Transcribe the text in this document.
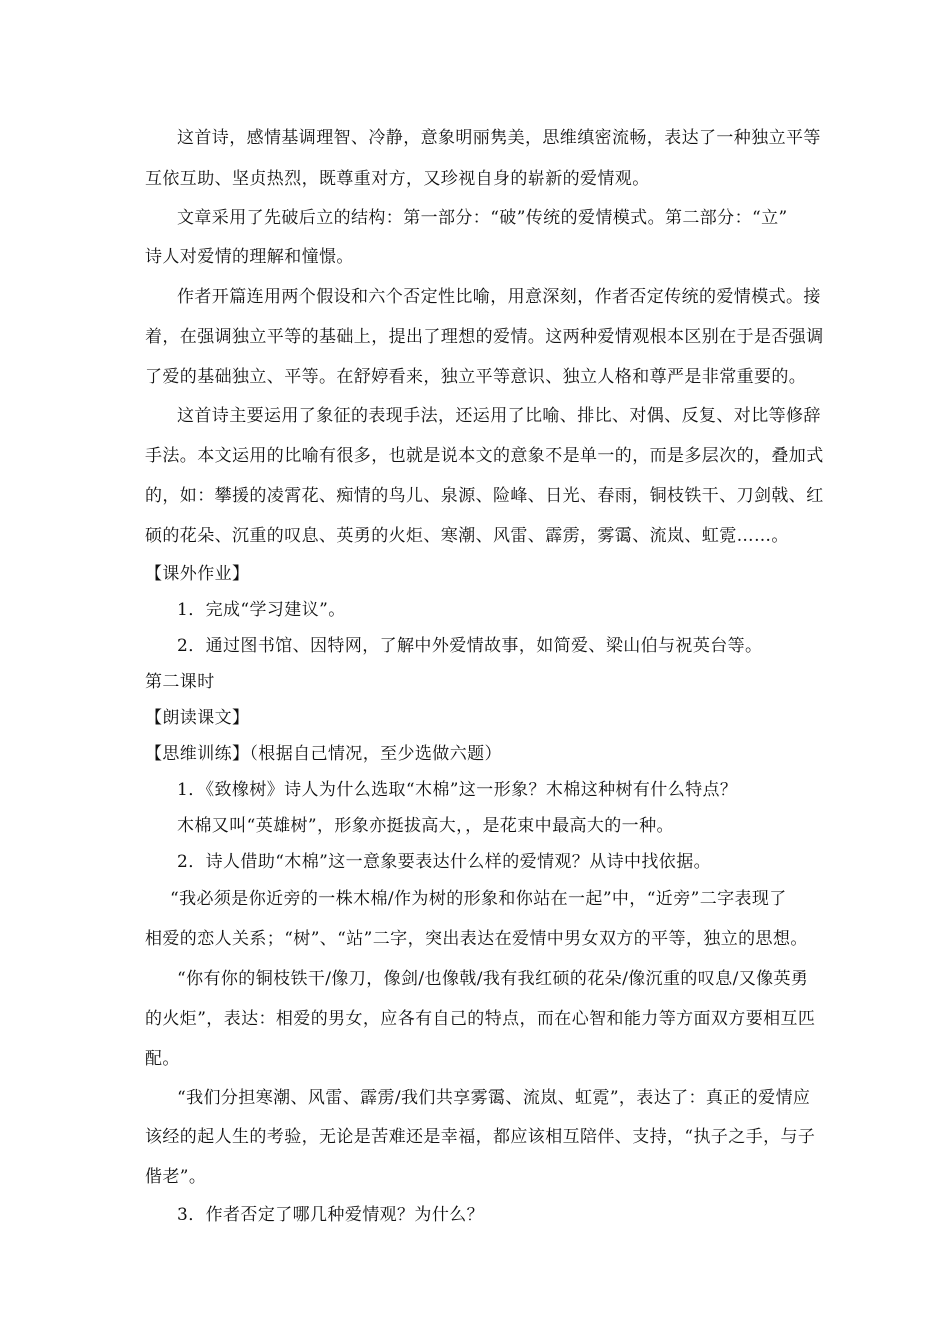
这首诗，感情基调理智、冷静，意象明丽隽美，思维缜密流畅，表达了一种独立平等
互依互助、坚贞热烈，既尊重对方，又珍视自身的崭新的爱情观。
文章采用了先破后立的结构：第一部分：“破”传统的爱情模式。第二部分：“立”
诗人对爱情的理解和憧憬。
作者开篇连用两个假设和六个否定性比喻，用意深刻，作者否定传统的爱情模式。接
着，在强调独立平等的基础上，提出了理想的爱情。这两种爱情观根本区别在于是否强调
了爱的基础独立、平等。在舒婷看来，独立平等意识、独立人格和尊严是非常重要的。
这首诗主要运用了象征的表现手法，还运用了比喻、排比、对偶、反复、对比等修辞
手法。本文运用的比喻有很多，也就是说本文的意象不是单一的，而是多层次的，叠加式
的，如：攀援的凌霄花、痴情的鸟儿、泉源、险峰、日光、春雨，铜枝铁干、刀剑戟、红
硕的花朵、沉重的叹息、英勇的火炬、寒潮、风雷、霹雳，雾霭、流岚、虹霓……。
【课外作业】
1．完成“学习建议”。
2．通过图书馆、因特网，了解中外爱情故事，如简爱、梁山伯与祝英台等。
第二课时
【朗读课文】
【思维训练】（根据自己情况，至少选做六题）
1．《致橡树》诗人为什么选取“木棉”这一形象？木棉这种树有什么特点？
木棉又叫“英雄树”，形象亦挺拔高大，，是花束中最高大的一种。
2．诗人借助“木棉”这一意象要表达什么样的爱情观？从诗中找依据。
“我必须是你近旁的一株木棉/作为树的形象和你站在一起”中，“近旁”二字表现了
相爱的恋人关系；“树”、“站”二字，突出表达在爱情中男女双方的平等，独立的思想。
“你有你的铜枝铁干/像刀，像剑/也像戟/我有我红硕的花朵/像沉重的叹息/又像英勇
的火炬”，表达：相爱的男女，应各有自己的特点，而在心智和能力等方面双方要相互匹
配。
“我们分担寒潮、风雷、霹雳/我们共享雾霭、流岚、虹霓”，表达了：真正的爱情应
该经的起人生的考验，无论是苦难还是幸福，都应该相互陪伴、支持，“执子之手，与子
偕老”。
3．作者否定了哪几种爱情观？为什么？
